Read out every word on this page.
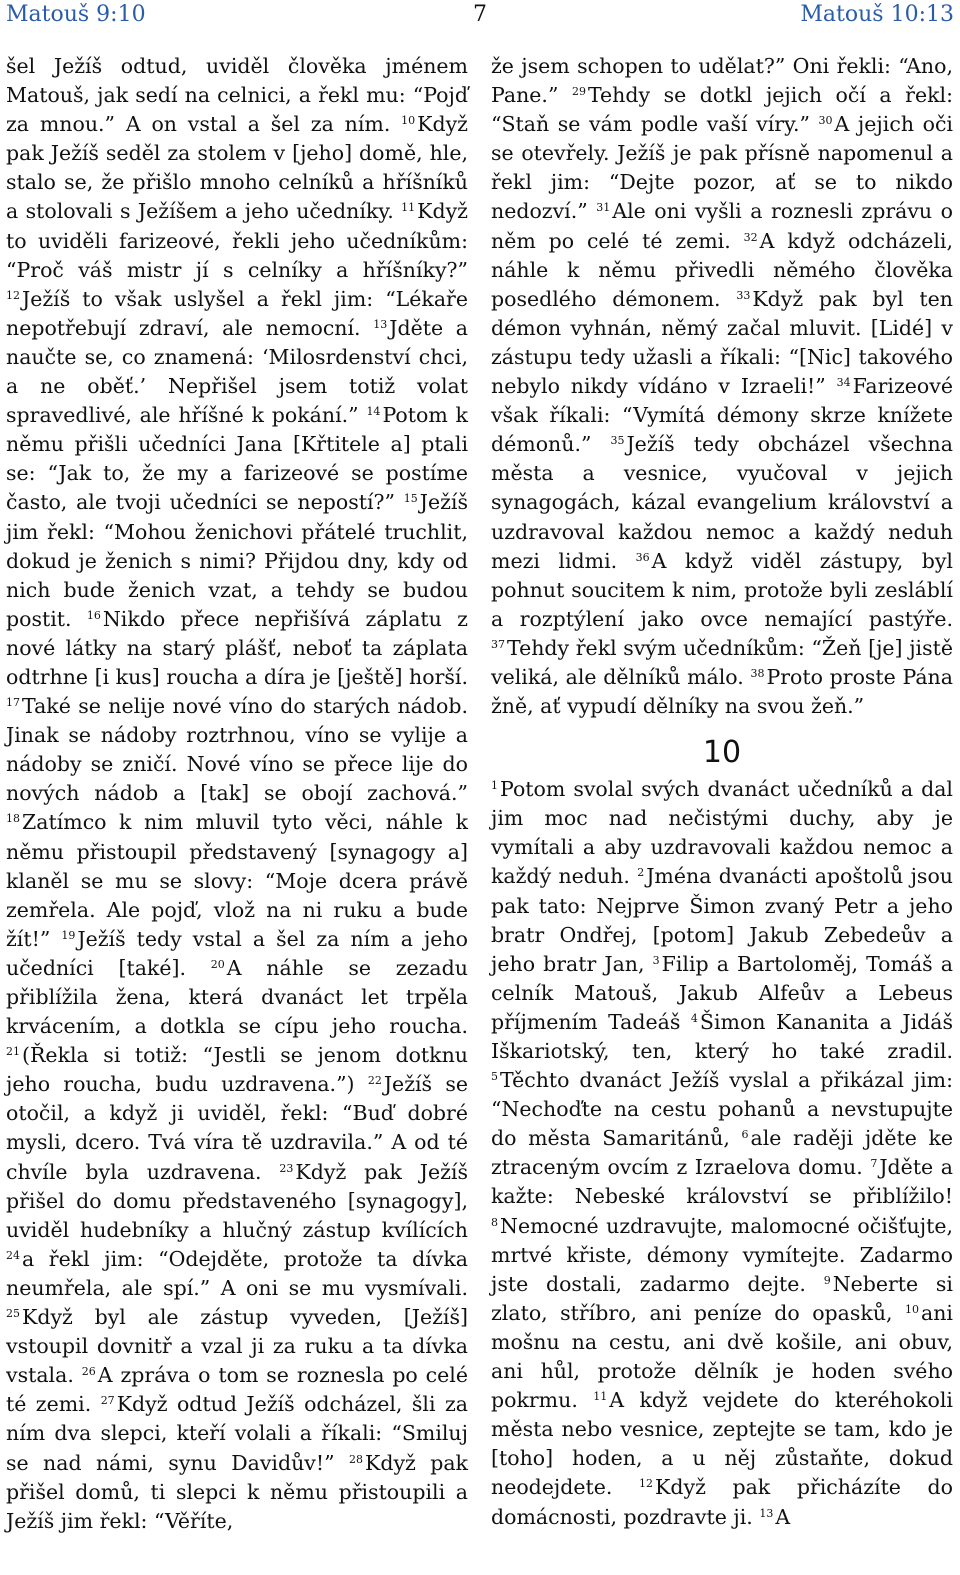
7
Matouš 9:10	Matouš 10:13
šel Ježíš odtud, uviděl člověka jménem Matouš, jak sedí na celnici, a řekl mu: “Pojď za mnou.” A on vstal a šel za ním. $^{10}$Když pak Ježíš seděl za stolem v [jeho] domě, hle, stalo se, že přišlo mnoho celníků a hříšníků a stolovali s Ježíšem a jeho učedníky. $^{11}$Když to uviděli farizeové, řekli jeho učedníkům: “Proč váš mistr jí s celníky a hříšníky?” $^{12}$Ježíš to však uslyšel a řekl jim: “Lékaře nepotřebují zdraví, ale nemocní. $^{13}$Jděte a naučte se, co znamená: ‘Milosrdenství chci, a ne oběť.’ Nepřišel jsem totiž volat spravedlivé, ale hříšné k pokání.” $^{14}$Potom k němu přišli učedníci Jana [Křtitele a] ptali se: “Jak to, že my a farizeové se postíme často, ale tvoji učedníci se nepostí?” $^{15}$Ježíš jim řekl: “Mohou ženichovi přátelé truchlit, dokud je ženich s nimi? Přijdou dny, kdy od nich bude ženich vzat, a tehdy se budou postit. $^{16}$Nikdo přece nepřišívá záplatu z nové látky na starý plášť, neboť ta záplata odtrhne [i kus] roucha a díra je [ještě] horší. $^{17}$Také se nelije nové víno do starých nádob. Jinak se nádoby roztrhnou, víno se vylije a nádoby se zničí. Nové víno se přece lije do nových nádob a [tak] se obojí zachová.” $^{18}$Zatímco k nim mluvil tyto věci, náhle k němu přistoupil představený [synagogy a] klaněl se mu se slovy: “Moje dcera právě zemřela. Ale pojď, vlož na ni ruku a bude žít!” $^{19}$Ježíš tedy vstal a šel za ním a jeho učedníci [také]. $^{20}$A náhle se zezadu přiblížila žena, která dvanáct let trpěla krvácením, a dotkla se cípu jeho roucha. $^{21}$(Řekla si totiž: “Jestli se jenom dotknu jeho roucha, budu uzdravena.”) $^{22}$Ježíš se otočil, a když ji uviděl, řekl: “Buď dobré mysli, dcero. Tvá víra tě uzdravila.” A od té chvíle byla uzdravena. $^{23}$Když pak Ježíš přišel do domu představeného [synagogy], uviděl hudebníky a hlučný zástup kvílících $^{24}$a řekl jim: “Odejděte, protože ta dívka neumřela, ale spí.” A oni se mu vysmívali. $^{25}$Když byl ale zástup vyveden, [Ježíš] vstoupil dovnitř a vzal ji za ruku a ta dívka vstala. $^{26}$A zpráva o tom se roznesla po celé té zemi. $^{27}$Když odtud Ježíš odcházel, šli za ním dva slepci, kteří volali a říkali: “Smiluj se nad námi, synu Davidův!” $^{28}$Když pak přišel domů, ti slepci k němu přistoupili a Ježíš jim řekl: “Věříte,
že jsem schopen to udělat?” Oni řekli: “Ano, Pane.” $^{29}$Tehdy se dotkl jejich očí a řekl: “Staň se vám podle vaší víry.” $^{30}$A jejich oči se otevřely. Ježíš je pak přísně napomenul a řekl jim: “Dejte pozor, ať se to nikdo nedozví.” $^{31}$Ale oni vyšli a roznesli zprávu o něm po celé té zemi. $^{32}$A když odcházeli, náhle k němu přivedli němého člověka posedlého démonem. $^{33}$Když pak byl ten démon vyhnán, němý začal mluvit. [Lidé] v zástupu tedy užasli a říkali: “[Nic] takového nebylo nikdy vídáno v Izraeli!” $^{34}$Farizeové však říkali: “Vymítá démony skrze knížete démonů.” $^{35}$Ježíš tedy obcházel všechna města a vesnice, vyučoval v jejich synagogách, kázal evangelium království a uzdravoval každou nemoc a každý neduh mezi lidmi. $^{36}$A když viděl zástupy, byl pohnut soucitem k nim, protože byli zesláblí a rozptýlení jako ovce nemající pastýře. $^{37}$Tehdy řekl svým učedníkům: “Žeň [je] jistě veliká, ale dělníků málo. $^{38}$Proto proste Pána žně, ať vypudí dělníky na svou žeň.”
10
$^1$Potom svolal svých dvanáct učedníků a dal jim moc nad nečistými duchy, aby je vymítali a aby uzdravovali každou nemoc a každý neduh. $^2$Jména dvanácti apoštolů jsou pak tato: Nejprve Šimon zvaný Petr a jeho bratr Ondřej, [potom] Jakub Zebedeův a jeho bratr Jan, $^3$Filip a Bartoloměj, Tomáš a celník Matouš, Jakub Alfeův a Lebeus příjmením Tadeáš $^4$Šimon Kananita a Jidáš Iškariotský, ten, který ho také zradil. $^5$Těchto dvanáct Ježíš vyslal a přikázal jim: “Nechoďte na cestu pohanů a nevstupujte do města Samaritánů, $^6$ale raději jděte ke ztraceným ovcím z Izraelova domu. $^7$Jděte a kažte: Nebeské království se přiblížilo! $^8$Nemocné uzdravujte, malomocné očišťujte, mrtvé křiste, démony vymítejte. Zadarmo jste dostali, zadarmo dejte. $^9$Neberte si zlato, stříbro, ani peníze do opasků, $^{10}$ani mošnu na cestu, ani dvě košile, ani obuv, ani hůl, protože dělník je hoden svého pokrmu. $^{11}$A když vejdete do kteréhokoli města nebo vesnice, zeptejte se tam, kdo je [toho] hoden, a u něj zůstaňte, dokud neodejdete. $^{12}$Když pak přicházíte do domácnosti, pozdravte ji. $^{13}$A
